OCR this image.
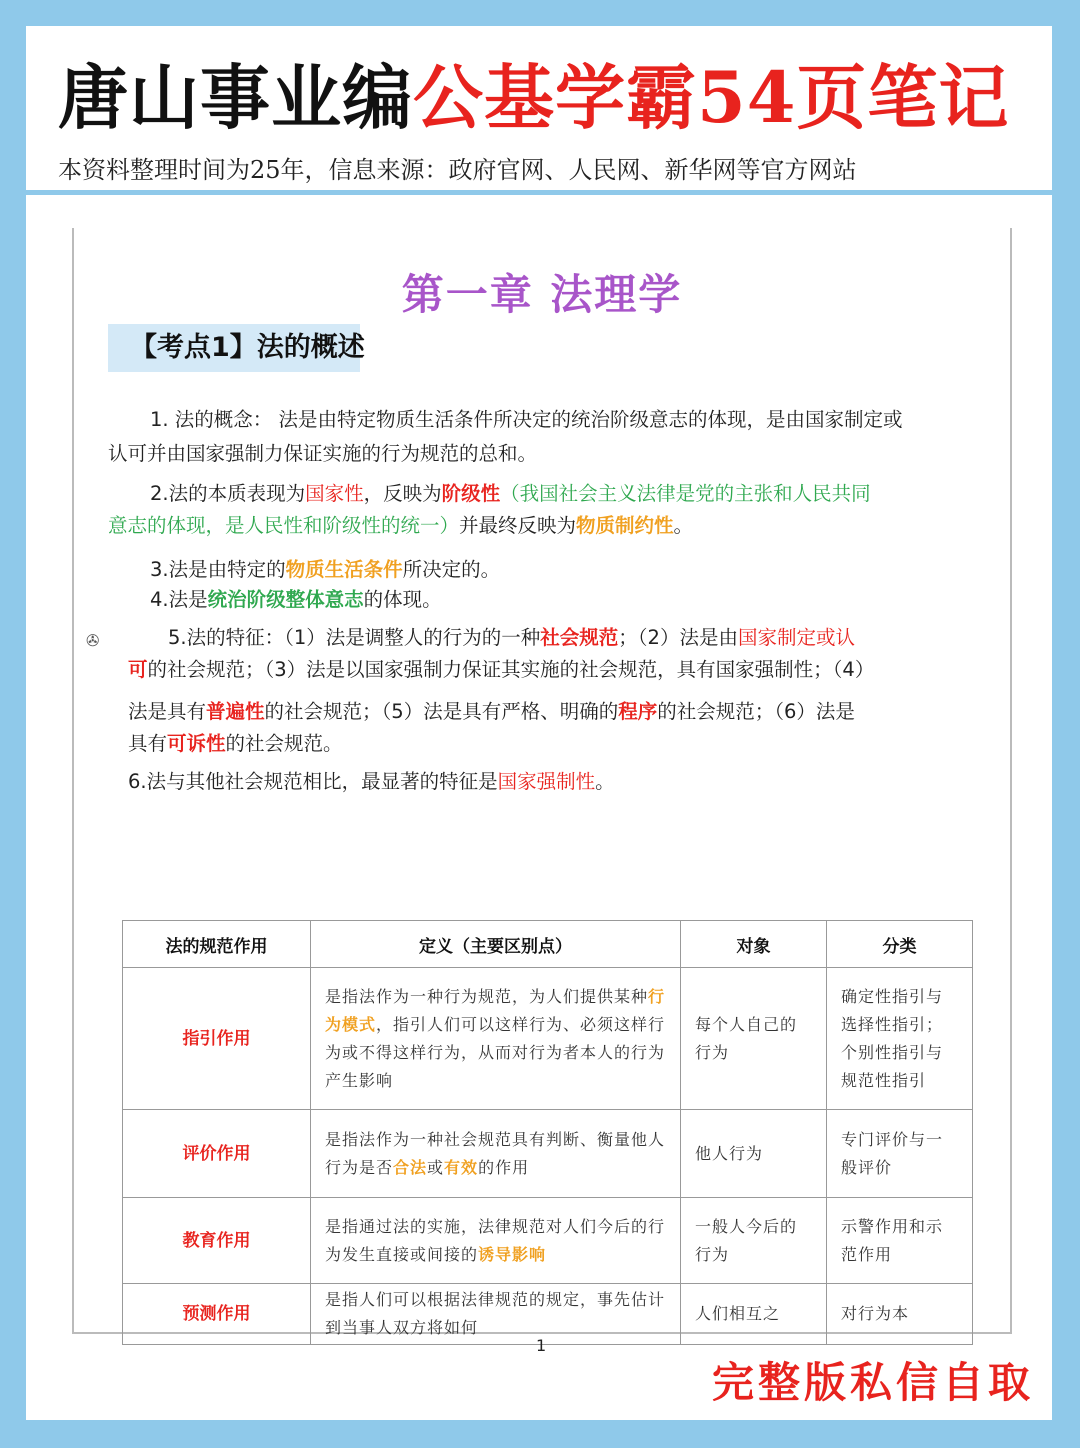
唐山事业编公基学霸54页笔记
本资料整理时间为25年，信息来源：政府官网、人民网、新华网等官方网站
第一章 法理学
【考点1】法的概述
1. 法的概念： 法是由特定物质生活条件所决定的统治阶级意志的体现，是由国家制定或
认可并由国家强制力保证实施的行为规范的总和。
2.法的本质表现为国家性，反映为阶级性（我国社会主义法律是党的主张和人民共同
意志的体现，是人民性和阶级性的统一）并最终反映为物质制约性。
3.法是由特定的物质生活条件所决定的。
4.法是统治阶级整体意志的体现。
✇	5.法的特征：（1）法是调整人的行为的一种社会规范；（2）法是由国家制定或认
可的社会规范；（3）法是以国家强制力保证其实施的社会规范，具有国家强制性；（4）
法是具有普遍性的社会规范；（5）法是具有严格、明确的程序的社会规范；（6）法是
具有可诉性的社会规范。
6.法与其他社会规范相比，最显著的特征是国家强制性。
法的规范作用	定义（主要区别点）	对象	分类
指引作用	是指法作为一种行为规范，为人们提供某种行为模式，指引人们可以这样行为、必须这样行为或不得这样行为，从而对行为者本人的行为产生影响	每个人自己的行为	确定性指引与选择性指引；个别性指引与规范性指引
评价作用	是指法作为一种社会规范具有判断、衡量他人行为是否合法或有效的作用	他人行为	专门评价与一般评价
教育作用	是指通过法的实施，法律规范对人们今后的行为发生直接或间接的诱导影响	一般人今后的行为	示警作用和示范作用
预测作用	是指人们可以根据法律规范的规定，事先估计到当事人双方将如何	人们相互之	对行为本
1
完整版私信自取
